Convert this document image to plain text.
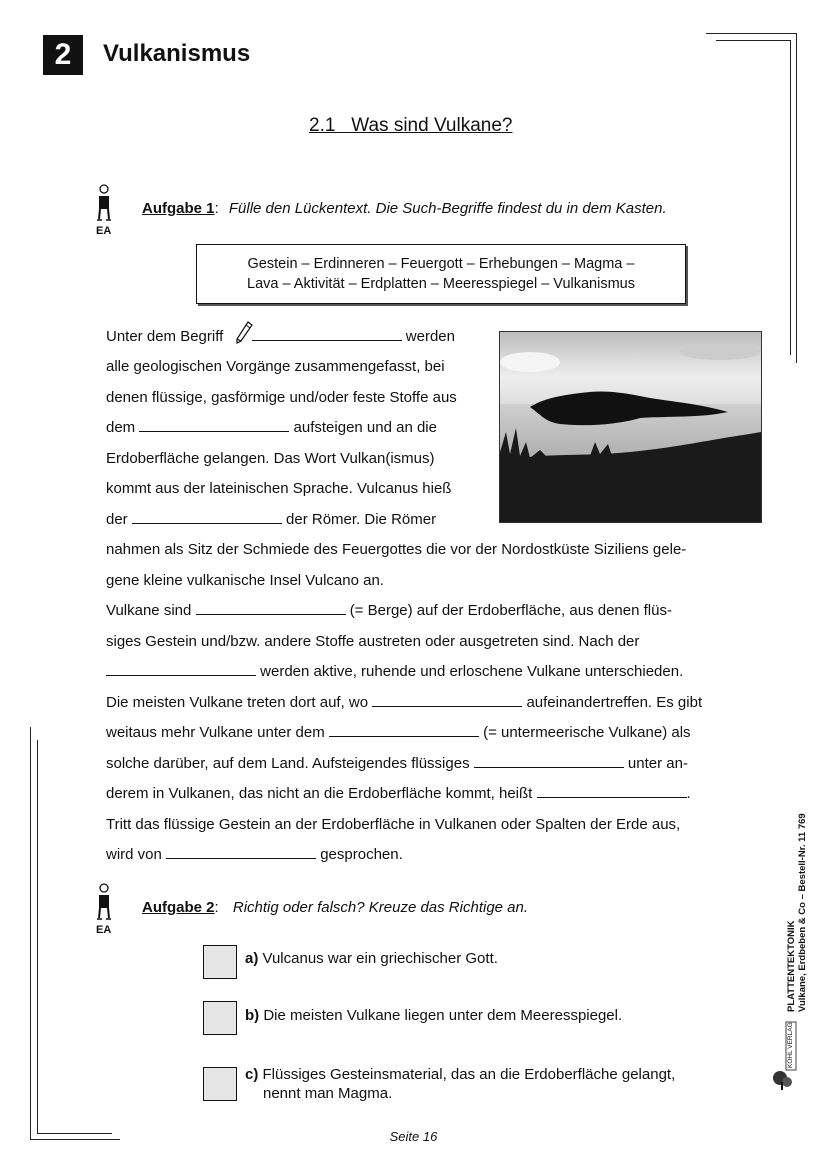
2	Vulkanismus
2.1   Was sind Vulkane?
EA
Aufgabe 1: Fülle den Lückentext. Die Such-Begriffe findest du in dem Kasten.
Gestein – Erdinneren – Feuergott – Erhebungen – Magma –
Lava – Aktivität – Erdplatten – Meeresspiegel – Vulkanismus
Unter dem Begriff	werden
alle geologischen Vorgänge zusammengefasst, bei
denen flüssige, gasförmige und/oder feste Stoffe aus
dem	aufsteigen und an die
Erdoberfläche gelangen. Das Wort Vulkan(ismus)
kommt aus der lateinischen Sprache. Vulcanus hieß
der	der Römer. Die Römer
nahmen als Sitz der Schmiede des Feuergottes die vor der Nordostküste Siziliens gele-
gene kleine vulkanische Insel Vulcano an.
Vulkane sind	(= Berge) auf der Erdoberfläche, aus denen flüs-
siges Gestein und/bzw. andere Stoffe austreten oder ausgetreten sind. Nach der
werden aktive, ruhende und erloschene Vulkane unterschieden.
Die meisten Vulkane treten dort auf, wo	aufeinandertreffen. Es gibt
weitaus mehr Vulkane unter dem	(= untermeerische Vulkane) als
solche darüber, auf dem Land. Aufsteigendes flüssiges	unter an-
derem in Vulkanen, das nicht an die Erdoberfläche kommt, heißt	.
Tritt das flüssige Gestein an der Erdoberfläche in Vulkanen oder Spalten der Erde aus,
wird von	gesprochen.
EA
Aufgabe 2: Richtig oder falsch? Kreuze das Richtige an.
a) Vulcanus war ein griechischer Gott.
b) Die meisten Vulkane liegen unter dem Meeresspiegel.
c) Flüssiges Gesteinsmaterial, das an die Erdoberfläche gelangt,
nennt man Magma.
PLATTENTEKTONIK Vulkane, Erdbeben & Co – Bestell-Nr. 11 769
KOHL VERLAG
Seite 16
